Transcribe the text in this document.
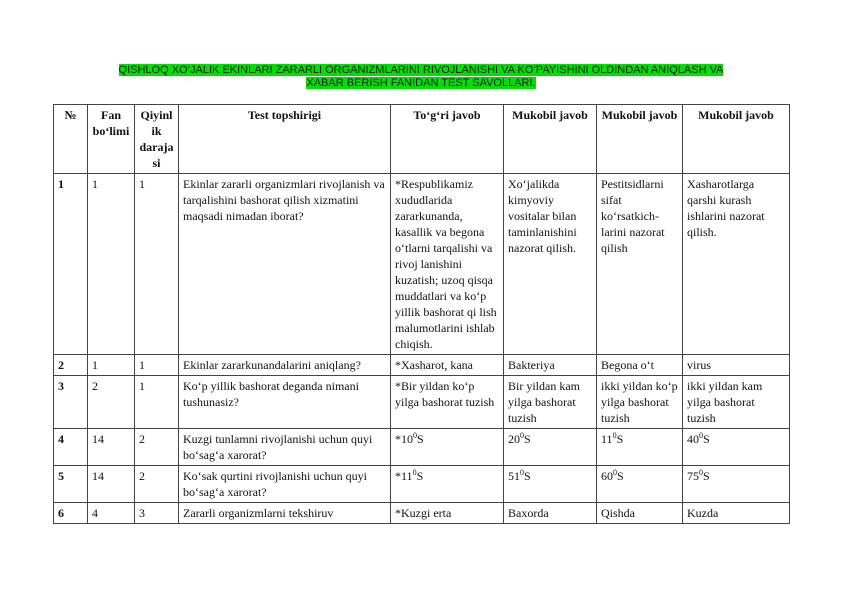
QISHLOQ XO‘JALIK EKINLARI ZARARLI ORGANIZMLARINI RIVOJLANISHI VA KO‘PAYISHINI OLDINDAN ANIQLASH VA
XABAR BERISH FANIDAN TEST SAVOLLARI.
№	Fan bo‘limi	Qiyinlik darajasi	Test topshirigi	To‘g‘ri javob	Mukobil javob	Mukobil javob	Mukobil javob
1	1	1	Ekinlar zararli organizmlari rivojlanish va tarqalishini bashorat qilish xizmatini maqsadi nimadan iborat?	*Respublikamiz xududlarida zararkunanda, kasallik va begona o‘tlarni tarqalishi va rivoj lanishini kuzatish; uzoq qisqa muddatlari va ko‘p yillik bashorat qi lish malumotlarini ishlab chiqish.	Xo‘jalikda kimyoviy vositalar bilan taminlanishini nazorat qilish.	Pestitsidlarni sifat ko‘rsatkich-larini nazorat qilish	Xasharotlarga qarshi kurash ishlarini nazorat qilish.
2	1	1	Ekinlar zararkunandalarini aniqlang?	*Xasharot, kana	Bakteriya	Begona o‘t	virus
3	2	1	Ko‘p yillik bashorat deganda nimani tushunasiz?	*Bir yildan ko‘p yilga bashorat tuzish	Bir yildan kam yilga bashorat tuzish	ikki yildan ko‘p yilga bashorat tuzish	ikki yildan kam yilga bashorat tuzish
4	14	2	Kuzgi tunlamni rivojlanishi uchun quyi bo‘sag‘a xarorat?	$*10^0S$	$20^0S$	$11^0S$	$40^0S$
5	14	2	Ko‘sak qurtini rivojlanishi uchun quyi bo‘sag‘a xarorat?	$*11^0S$	$51^0S$	$60^0S$	$75^0S$
6	4	3	Zararli organizmlarni tekshiruv	*Kuzgi erta	Baxorda	Qishda	Kuzda
